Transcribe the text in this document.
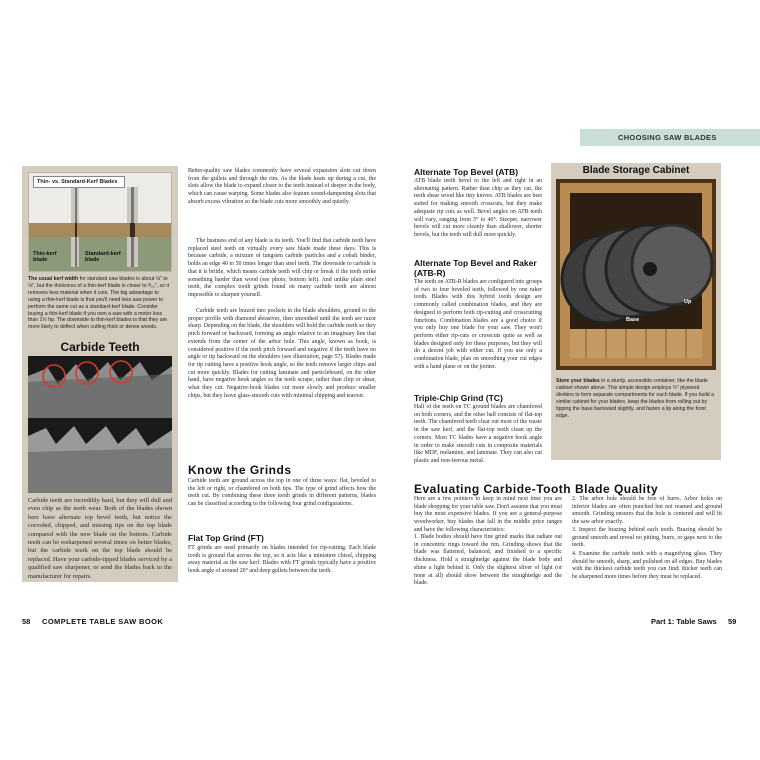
CHOOSING SAW BLADES
Thin- vs. Standard-Kerf Blades
Thin-kerf blade
Standard-kerf blade
The usual kerf width for standard saw blades is about ⅛" to ⅛", but the thickness of a thin-kerf blade is closer to ³⁄₃₂", so it removes less material when it cuts. The big advantage to using a thin-kerf blade is that you'll need less saw power to perform the same cut as a standard-kerf blade. Consider buying a thin-kerf blade if you own a saw with a motor less than 1½ hp. The downside to thin-kerf blades is that they are more likely to deflect when cutting thick or dense woods.
Carbide Teeth
Carbide teeth are incredibly hard, but they will dull and even chip as the teeth wear. Both of the blades shown here have alternate top bevel teeth, but notice the corroded, chipped, and missing tips on the top blade compared with the new blade on the bottom. Carbide teeth can be resharpened several times on better blades, but the carbide teeth on the top blade should be replaced. Have your carbide-tipped blades serviced by a qualified saw sharpener, or send the blades back to the manufacturer for repairs.
Better-quality saw blades commonly have several expansion slots cut down from the gullets and through the rim. As the blade heats up during a cut, the slots allow the blade to expand closer to the teeth instead of deeper in the body, which can cause warping. Some blades also feature sound-dampening slots that absorb excess vibration so the blade cuts more smoothly and quietly.
The business end of any blade is its teeth. You'll find that carbide teeth have replaced steel teeth on virtually every saw blade made these days. This is because carbide, a mixture of tungsten carbide particles and a cobalt binder, holds an edge 40 to 50 times longer than steel teeth. The downside to carbide is that it is brittle, which means carbide teeth will chip or break if the teeth strike something harder than wood (see photo, bottom left). And unlike plain steel teeth, the complex tooth grinds found on many carbide teeth are almost impossible to sharpen yourself.
Carbide teeth are brazed into pockets in the blade shoulders, ground to the proper profile with diamond abrasives, then smoothed until the teeth are razor sharp. Depending on the blade, the shoulders will hold the carbide teeth so they pitch forward or backward, forming an angle relative to an imaginary line that extends from the center of the arbor hole. This angle, known as hook, is considered positive if the teeth pitch forward and negative if the teeth have no angle or tip backward on the shoulders (see illustration, page 57). Blades made for rip cutting have a positive hook angle, so the teeth remove larger chips and cut more quickly. Blades for cutting laminate and particleboard, on the other hand, have negative hook angles so the teeth scrape, rather than chip or shear, what they cut. Negative-hook blades cut more slowly and produce smaller chips, but they leave glass-smooth cuts with minimal chipping and tearout.
Know the Grinds
Carbide teeth are ground across the top in one of three ways: flat, beveled to the left or right, or chamfered on both tips. The type of grind affects how the teeth cut. By combining these three tooth grinds in different patterns, blades can be classified according to the following four grind configurations.
Flat Top Grind (FT)
FT grinds are used primarily on blades intended for rip-cutting. Each blade tooth is ground flat across the top, so it acts like a miniature chisel, chipping away material as the saw kerf. Blades with FT grinds typically have a positive hook angle of around 20° and deep gullets between the teeth.
Alternate Top Bevel (ATB)
ATB blade teeth bevel to the left and right in an alternating pattern. Rather than chip as they cut, the teeth shear wood like tiny knives. ATB blades are best suited for making smooth crosscuts, but they make adequate rip cuts as well. Bevel angles on ATB teeth will vary, ranging from 5° to 40°. Steeper, narrower bevels will cut more cleanly than shallower, shorter bevels, but the teeth will dull more quickly.
Alternate Top Bevel and Raker (ATB-R)
The teeth on ATB-R blades are configured into groups of two to four beveled teeth, followed by one raker tooth. Blades with this hybrid tooth design are commonly called combination blades, and they are designed to perform both rip-cutting and crosscutting functions. Combination blades are a good choice if you only buy one blade for your saw. They won't perform either rip-cuts or crosscuts quite as well as blades designed only for these purposes, but they will do a decent job with either cut. If you use only a combination blade, plan on smoothing your cut edges with a hand plane or on the jointer.
Triple-Chip Grind (TC)
Half of the teeth on TC ground blades are chamfered on both corners, and the other half consists of flat-top teeth. The chamfered teeth clear out most of the waste in the saw kerf, and the flat-top teeth clean up the corners. Most TC blades have a negative hook angle in order to make smooth cuts in composite materials like MDF, melamine, and laminate. They can also cut plastic and non-ferrous metal.
Blade Storage Cabinet
Up
Base
Store your blades in a sturdy, accessible container, like the blade cabinet shown above. This simple design employs ¼" plywood dividers to form separate compartments for each blade. If you build a similar cabinet for your blades, keep the blades from rolling out by tipping the base backward slightly, and fasten a lip along the front edge.
Evaluating Carbide-Tooth Blade Quality
Here are a few pointers to keep in mind next time you are blade shopping for your table saw. Don't assume that you must buy the most expensive blades. If you are a general-purpose woodworker, buy blades that fall in the middle price ranges and have the following characteristics:
1. Blade bodies should have fine grind marks that radiate out in concentric rings toward the rim. Grinding shows that the blade was flattened, balanced, and finished to a specific thickness. Hold a straightedge against the blade body and shine a light behind it. Only the slightest sliver of light (or none at all) should show between the straightedge and the blade.
2. The arbor hole should be free of burrs. Arbor holes on inferior blades are often punched but not reamed and ground smooth. Grinding ensures that the hole is centered and will fit the saw arbor exactly.
3. Inspect the brazing behind each tooth. Brazing should be ground smooth and reveal no pitting, burrs, or gaps next to the teeth.
4. Examine the carbide teeth with a magnifying glass. They should be smooth, sharp, and polished on all edges. Buy blades with the thickest carbide teeth you can find; thicker teeth can be sharpened more times before they must be replaced.
58 COMPLETE TABLE SAW BOOK	Part 1: Table Saws 59
